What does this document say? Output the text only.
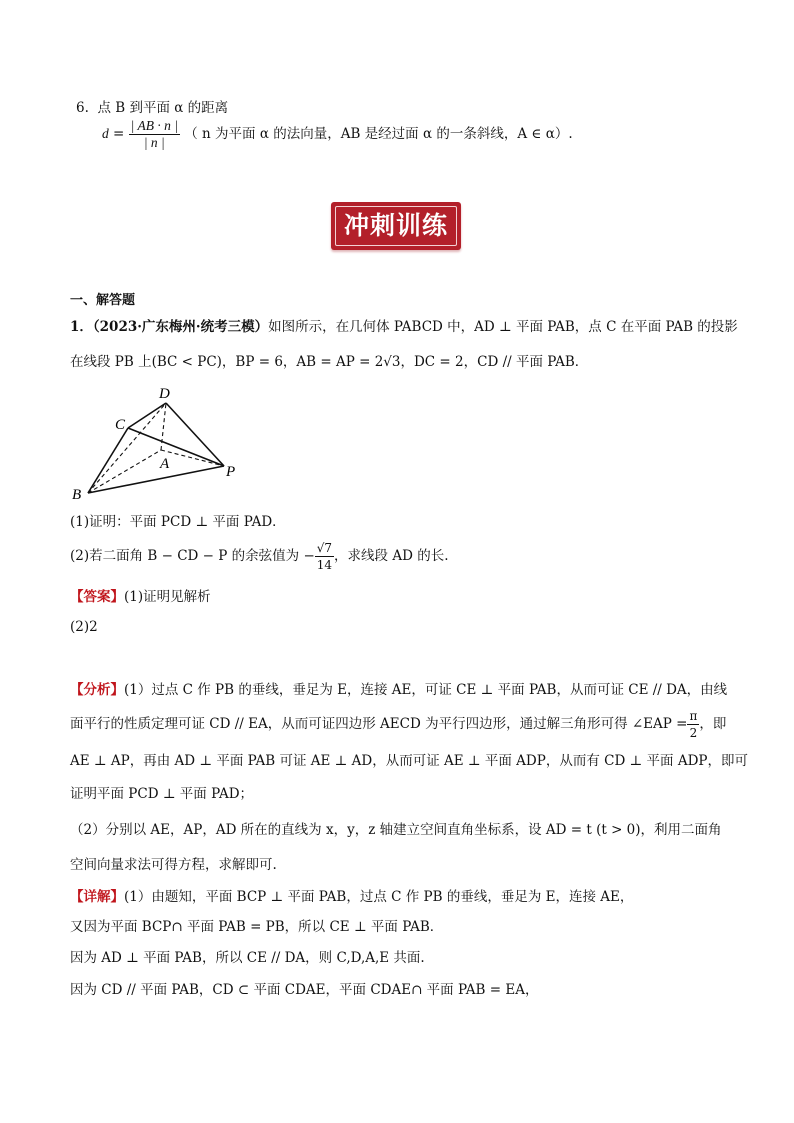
6. 点 B 到平面 α 的距离
$d = \frac{| AB \cdot n |}{| n |}$ （ n 为平面 α 的法向量，AB 是经过面 α 的一条斜线，A ∈ α）.
冲刺训练
一、解答题
1．（2023·广东梅州·统考三模）如图所示，在几何体 PABCD 中，AD ⊥ 平面 PAB，点 C 在平面 PAB 的投影
在线段 PB 上(BC < PC)，BP = 6，AB = AP = 2√3，DC = 2，CD // 平面 PAB．
D
C
A	P
B
(1)证明：平面 PCD ⊥ 平面 PAD．
(2)若二面角 B − CD − P 的余弦值为 − $\frac{√7}{14}$ ，求线段 AD 的长.
【答案】(1)证明见解析
(2)2
【分析】(1）过点 C 作 PB 的垂线，垂足为 E，连接 AE，可证 CE ⊥ 平面 PAB，从而可证 CE // DA，由线
面平行的性质定理可证 CD // EA，从而可证四边形 AECD 为平行四边形，通过解三角形可得 ∠EAP = $\frac{\pi}{2}$ ，即
AE ⊥ AP，再由 AD ⊥ 平面 PAB 可证 AE ⊥ AD，从而可证 AE ⊥ 平面 ADP，从而有 CD ⊥ 平面 ADP，即可
证明平面 PCD ⊥ 平面 PAD；
（2）分别以 AE，AP，AD 所在的直线为 x，y，z 轴建立空间直角坐标系，设 AD = t (t > 0)，利用二面角
空间向量求法可得方程，求解即可.
【详解】(1）由题知，平面 BCP ⊥ 平面 PAB，过点 C 作 PB 的垂线，垂足为 E，连接 AE，
又因为平面 BCP∩ 平面 PAB = PB，所以 CE ⊥ 平面 PAB．
因为 AD ⊥ 平面 PAB，所以 CE // DA，则 C,D,A,E 共面.
因为 CD // 平面 PAB，CD ⊂ 平面 CDAE，平面 CDAE∩ 平面 PAB = EA，
